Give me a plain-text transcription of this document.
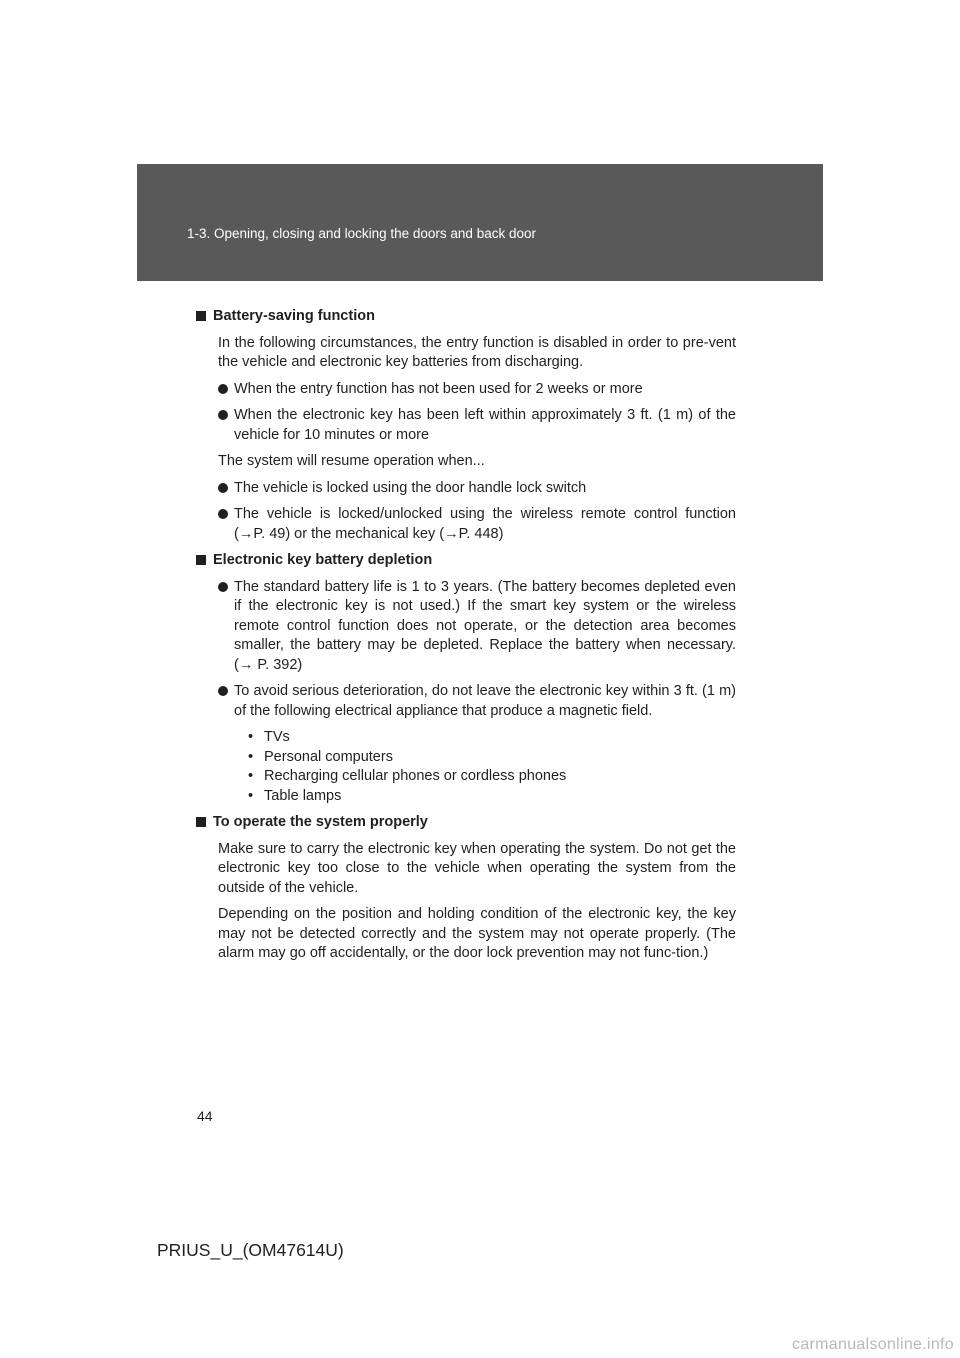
1-3. Opening, closing and locking the doors and back door
Battery-saving function
In the following circumstances, the entry function is disabled in order to pre-vent the vehicle and electronic key batteries from discharging.
When the entry function has not been used for 2 weeks or more
When the electronic key has been left within approximately 3 ft. (1 m) of the vehicle for 10 minutes or more
The system will resume operation when...
The vehicle is locked using the door handle lock switch
The vehicle is locked/unlocked using the wireless remote control function (→P. 49) or the mechanical key (→P. 448)
Electronic key battery depletion
The standard battery life is 1 to 3 years. (The battery becomes depleted even if the electronic key is not used.) If the smart key system or the wireless remote control function does not operate, or the detection area becomes smaller, the battery may be depleted. Replace the battery when necessary. (→ P. 392)
To avoid serious deterioration, do not leave the electronic key within 3 ft. (1 m) of the following electrical appliance that produce a magnetic field.
• TVs
• Personal computers
• Recharging cellular phones or cordless phones
• Table lamps
To operate the system properly
Make sure to carry the electronic key when operating the system. Do not get the electronic key too close to the vehicle when operating the system from the outside of the vehicle.
Depending on the position and holding condition of the electronic key, the key may not be detected correctly and the system may not operate properly. (The alarm may go off accidentally, or the door lock prevention may not func-tion.)
44
PRIUS_U_(OM47614U)
carmanualsonline.info
